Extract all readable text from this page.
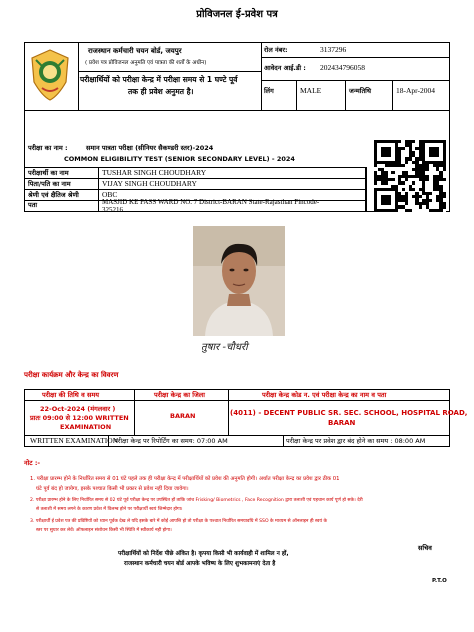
प्रोविजनल ई-प्रवेश पत्र
राजस्थान कर्मचारी चयन बोर्ड, जयपुर
( प्रवेश पत्र प्रोविजनल अनुमति एवं पात्रता की शर्तों के अधीन)
परीक्षार्थियों को परीक्षा केन्द्र में परीक्षा समय से 1 घण्टे पूर्व
तक ही प्रवेश अनुमत है।
रोल नंबर:	3137296
आवेदन आई.डी : 202434796058
लिंग	MALE	जन्मतिथि	18-Apr-2004
परीक्षा का नाम :	समान पात्रता परीक्षा (सीनियर सैकण्डरी स्तर)-2024
COMMON ELIGIBILITY TEST (SENIOR SECONDARY LEVEL) - 2024
परीक्षार्थी का नाम	TUSHAR SINGH CHOUDHARY
पिता/पति का नाम	VIJAY SINGH CHOUDHARY
श्रेणी एवं क्षैतिज श्रेणी	OBC
पता	MASJID KE PASS WARD NO. 7 District-BARAN State-Rajasthan Pincode-
325216
तुषार -चौधरी
परीक्षा कार्यक्रम और केन्द्र का विवरण
परीक्षा की तिथि व समय	परीक्षा केन्द्र का जिला	परीक्षा केन्द्र कोड न. एवं परीक्षा केन्द्र का नाम व पता
22-Oct-2024 (मंगलवार )
प्रातः 09:00 से 12:00 WRITTEN
EXAMINATION
BARAN	(4011) - DECENT PUBLIC SR. SEC. SCHOOL, HOSPITAL ROAD,
BARAN
WRITTEN EXAMINATION
परीक्षा केन्द्र पर रिपोर्टिंग का समय: 07:00 AM	परीक्षा केन्द्र पर प्रवेश द्वार बंद होने का समय : 08:00 AM
नोट :-
1. परीक्षा प्रारम्भ होने के निर्धारित समय से 01 घंटे पहले तक ही परीक्षा केन्द्र में परीक्षार्थियों को प्रवेश की अनुमति होगी। अर्थात परीक्षा केन्द्र का प्रवेश द्वार ठीक 01
घंटे पूर्व बंद हो जायेगा, इसके पश्चात किसी भी प्रकार से प्रवेश नहीं दिया जावेगा।
2. परीक्षा प्रारम्भ होने के लिए निर्धारित समय से 02 घंटे पूर्व परीक्षा केन्द्र पर उपस्थित हों ताकि जांच Frisking/ Biometrics , Face Recognition द्वारा तलाशी एवं पहचान कार्य पूर्ण हो सके। देरी
से तलाशी में समय लगने के कारण प्रवेश में विलम्ब होने पर परीक्षार्थी स्वयं जिम्मेदार होगा।
3. परीक्षार्थी ई प्रवेश पत्र की प्रविष्टियों को ध्यान पूर्वक देख ले यदि इसके बारे में कोई आपत्ति हो तो परीक्षा के पश्चात निर्धारित समयावधि में SSO के माध्यम से ऑनलाइन ही स्वयं के
स्तर पर सुधार कर लेवें। ऑफलाइन संशोधन किसी भी स्थिति में स्वीकार्य नही होगा।
सचिव
परीक्षार्थियों को निर्देश पीछे अंकित है। कृपया किसी भी कार्यवाही में शामिल न हों,
राजस्थान कर्मचारी चयन बोर्ड आपके भविष्य के लिए शुभकामनाएं देता है
P.T.O
